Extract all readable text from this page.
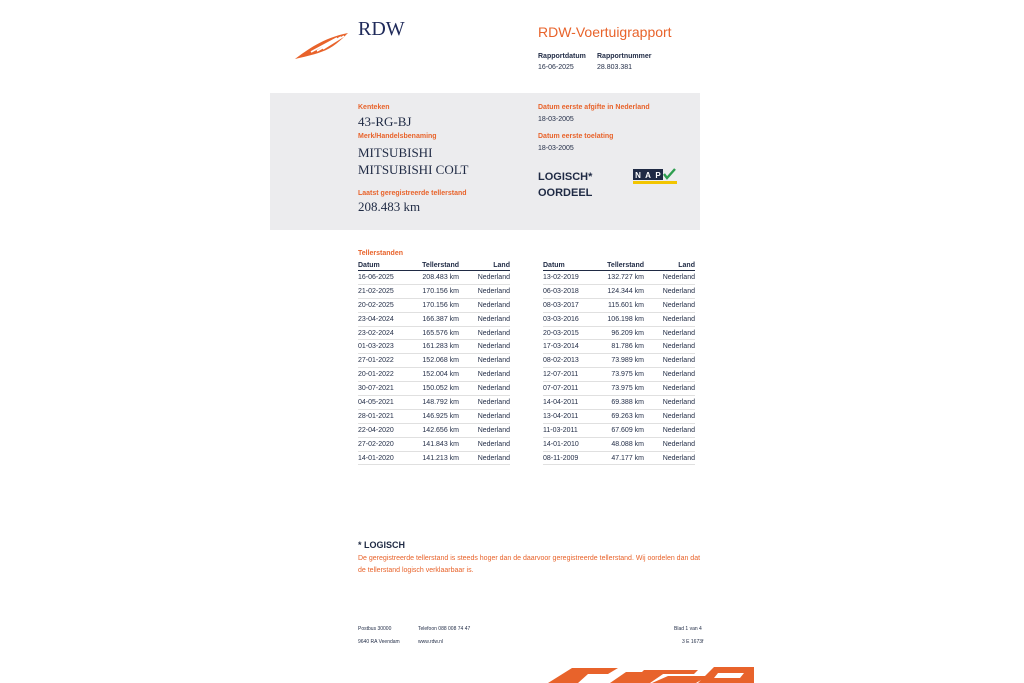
RDW	RDW-Voertuigrapport
Rapportdatum
16-06-2025
Rapportnummer
28.803.381
Kenteken
43-RG-BJ
Merk/Handelsbenaming
MITSUBISHI
MITSUBISHI COLT
Laatst geregistreerde tellerstand
208.483 km
Datum eerste afgifte in Nederland
18-03-2005
Datum eerste toelating
18-03-2005
LOGISCH*
OORDEEL
N A P
Tellerstanden
Datum	Tellerstand	Land
16-06-2025	208.483 km	Nederland
21-02-2025	170.156 km	Nederland
20-02-2025	170.156 km	Nederland
23-04-2024	166.387 km	Nederland
23-02-2024	165.576 km	Nederland
01-03-2023	161.283 km	Nederland
27-01-2022	152.068 km	Nederland
20-01-2022	152.004 km	Nederland
30-07-2021	150.052 km	Nederland
04-05-2021	148.792 km	Nederland
28-01-2021	146.925 km	Nederland
22-04-2020	142.656 km	Nederland
27-02-2020	141.843 km	Nederland
14-01-2020	141.213 km	Nederland
Datum	Tellerstand	Land
13-02-2019	132.727 km	Nederland
06-03-2018	124.344 km	Nederland
08-03-2017	115.601 km	Nederland
03-03-2016	106.198 km	Nederland
20-03-2015	96.209 km	Nederland
17-03-2014	81.786 km	Nederland
08-02-2013	73.989 km	Nederland
12-07-2011	73.975 km	Nederland
07-07-2011	73.975 km	Nederland
14-04-2011	69.388 km	Nederland
13-04-2011	69.263 km	Nederland
11-03-2011	67.609 km	Nederland
14-01-2010	48.088 km	Nederland
08-11-2009	47.177 km	Nederland
* LOGISCH
De geregistreerde tellerstand is steeds hoger dan de daarvoor geregistreerde tellerstand. Wij oordelen dan dat de tellerstand logisch verklaarbaar is.
Postbus 30000
9640 RA Veendam
Telefoon 088 008 74 47
www.rdw.nl
Blad 1 van 4
3 E 1673f
